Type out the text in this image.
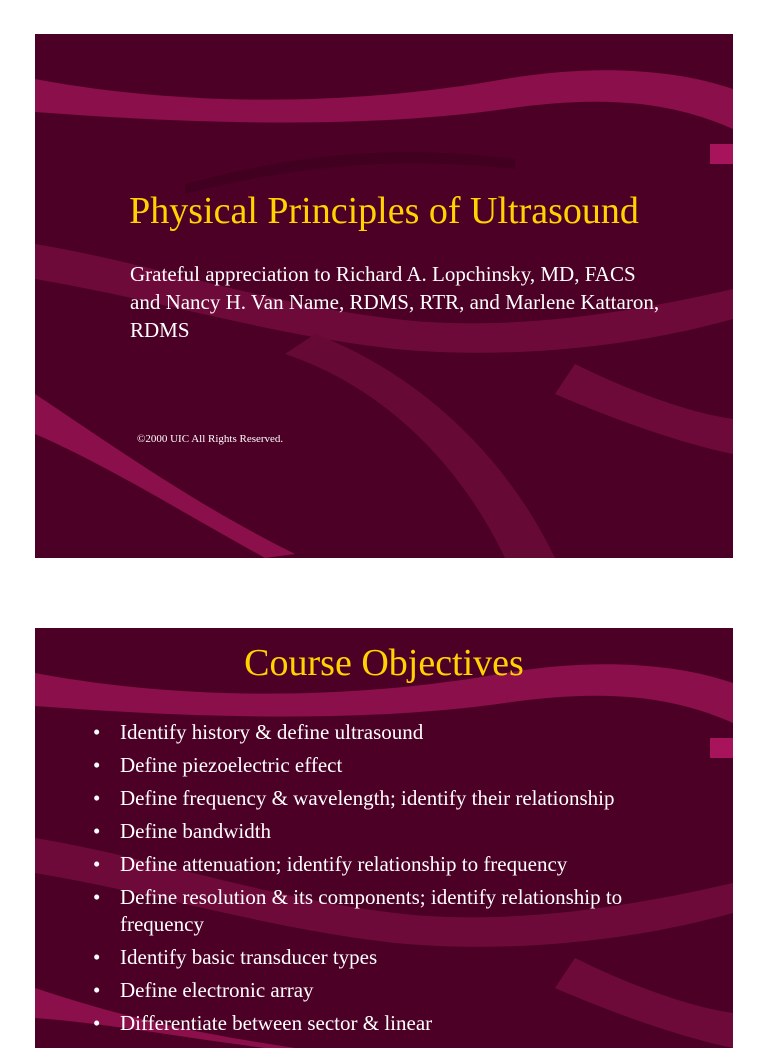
Physical Principles of Ultrasound

Grateful appreciation to Richard A. Lopchinsky, MD, FACS and Nancy H. Van Name, RDMS, RTR, and Marlene Kattaron, RDMS

©2000 UIC All Rights Reserved.

Course Objectives
• Identify history & define ultrasound
• Define piezoelectric effect
• Define frequency & wavelength; identify their relationship
• Define bandwidth
• Define attenuation; identify relationship to frequency
• Define resolution & its components; identify relationship to frequency
• Identify basic transducer types
• Define electronic array
• Differentiate between sector & linear
